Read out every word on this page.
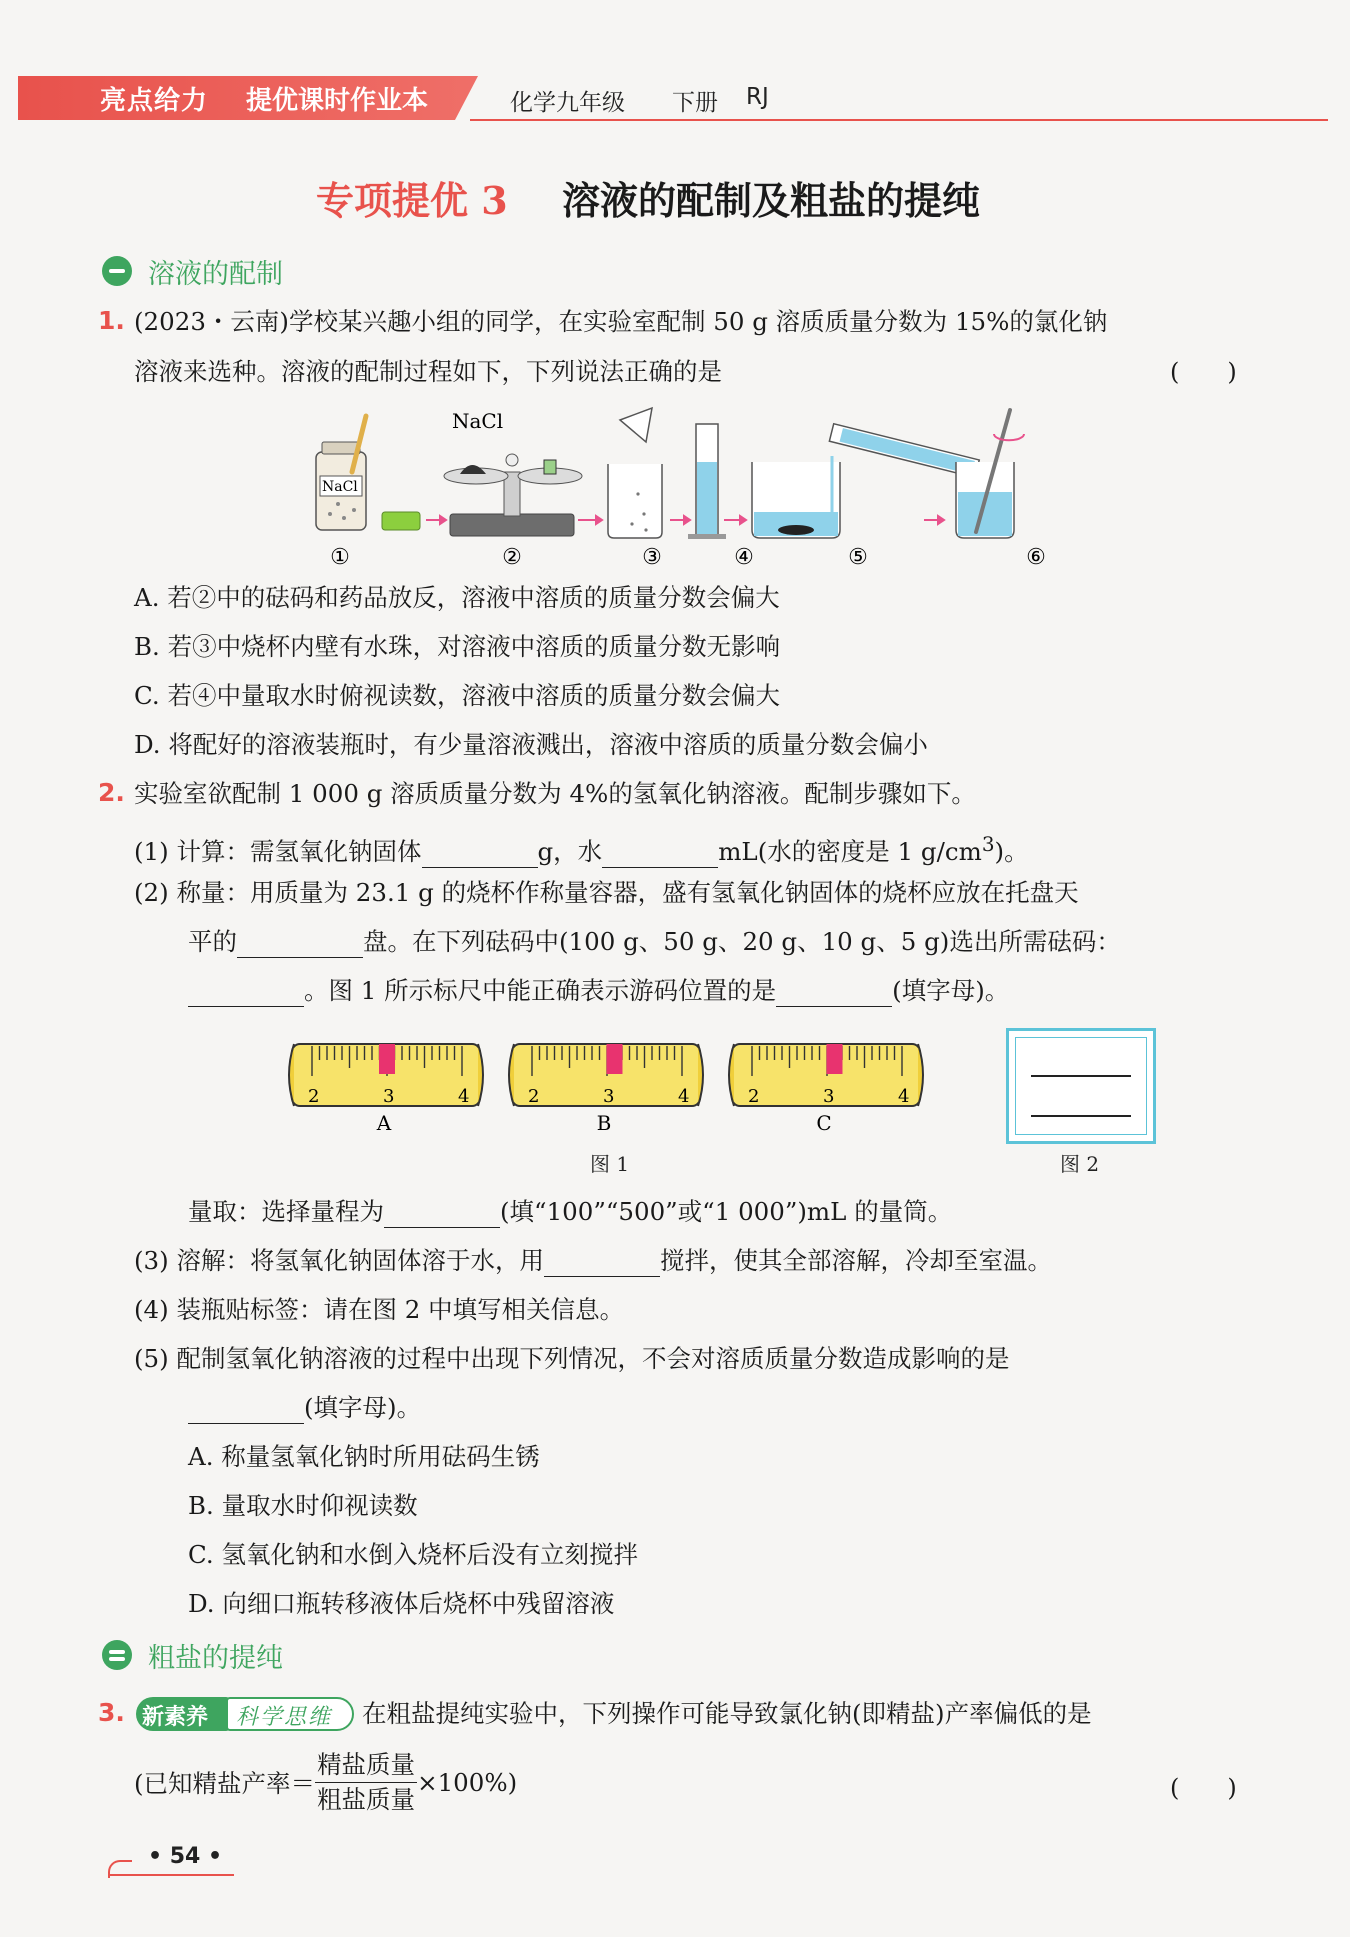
亮点给力 提优课时作业本	化学九年级 下册 RJ
专项提优 3 溶液的配制及粗盐的提纯
溶液的配制
1. (2023・云南)学校某兴趣小组的同学，在实验室配制 50 g 溶质质量分数为 15%的氯化钠
溶液来选种。溶液的配制过程如下，下列说法正确的是	(　　)
NaCl
NaCl
①	②	③	④	⑤	⑥
A. 若②中的砝码和药品放反，溶液中溶质的质量分数会偏大
B. 若③中烧杯内壁有水珠，对溶液中溶质的质量分数无影响
C. 若④中量取水时俯视读数，溶液中溶质的质量分数会偏大
D. 将配好的溶液装瓶时，有少量溶液溅出，溶液中溶质的质量分数会偏小
2. 实验室欲配制 1 000 g 溶质质量分数为 4%的氢氧化钠溶液。配制步骤如下。
(1) 计算：需氢氧化钠固体	g，水	mL(水的密度是 1 $g/cm^3$)。
(2) 称量：用质量为 23.1 g 的烧杯作称量容器，盛有氢氧化钠固体的烧杯应放在托盘天
平的	盘。在下列砝码中(100 g、50 g、20 g、10 g、5 g)选出所需砝码：
。图 1 所示标尺中能正确表示游码位置的是	(填字母)。
2	3	4
A
2	3	4
B
2	3	4
C
图 1	图 2
量取：选择量程为	(填“100”“500”或“1 000”)mL 的量筒。
(3) 溶解：将氢氧化钠固体溶于水，用	搅拌，使其全部溶解，冷却至室温。
(4) 装瓶贴标签：请在图 2 中填写相关信息。
(5) 配制氢氧化钠溶液的过程中出现下列情况，不会对溶质质量分数造成影响的是
(填字母)。
A. 称量氢氧化钠时所用砝码生锈
B. 量取水时仰视读数
C. 氢氧化钠和水倒入烧杯后没有立刻搅拌
D. 向细口瓶转移液体后烧杯中残留溶液
粗盐的提纯
3. 新素养 科学思维 在粗盐提纯实验中，下列操作可能导致氯化钠(即精盐)产率偏低的是
(已知精盐产率＝ $\frac{\text{精盐质量}}{\text{粗盐质量}} \times 100\%$)	(　　)
• 54 •
